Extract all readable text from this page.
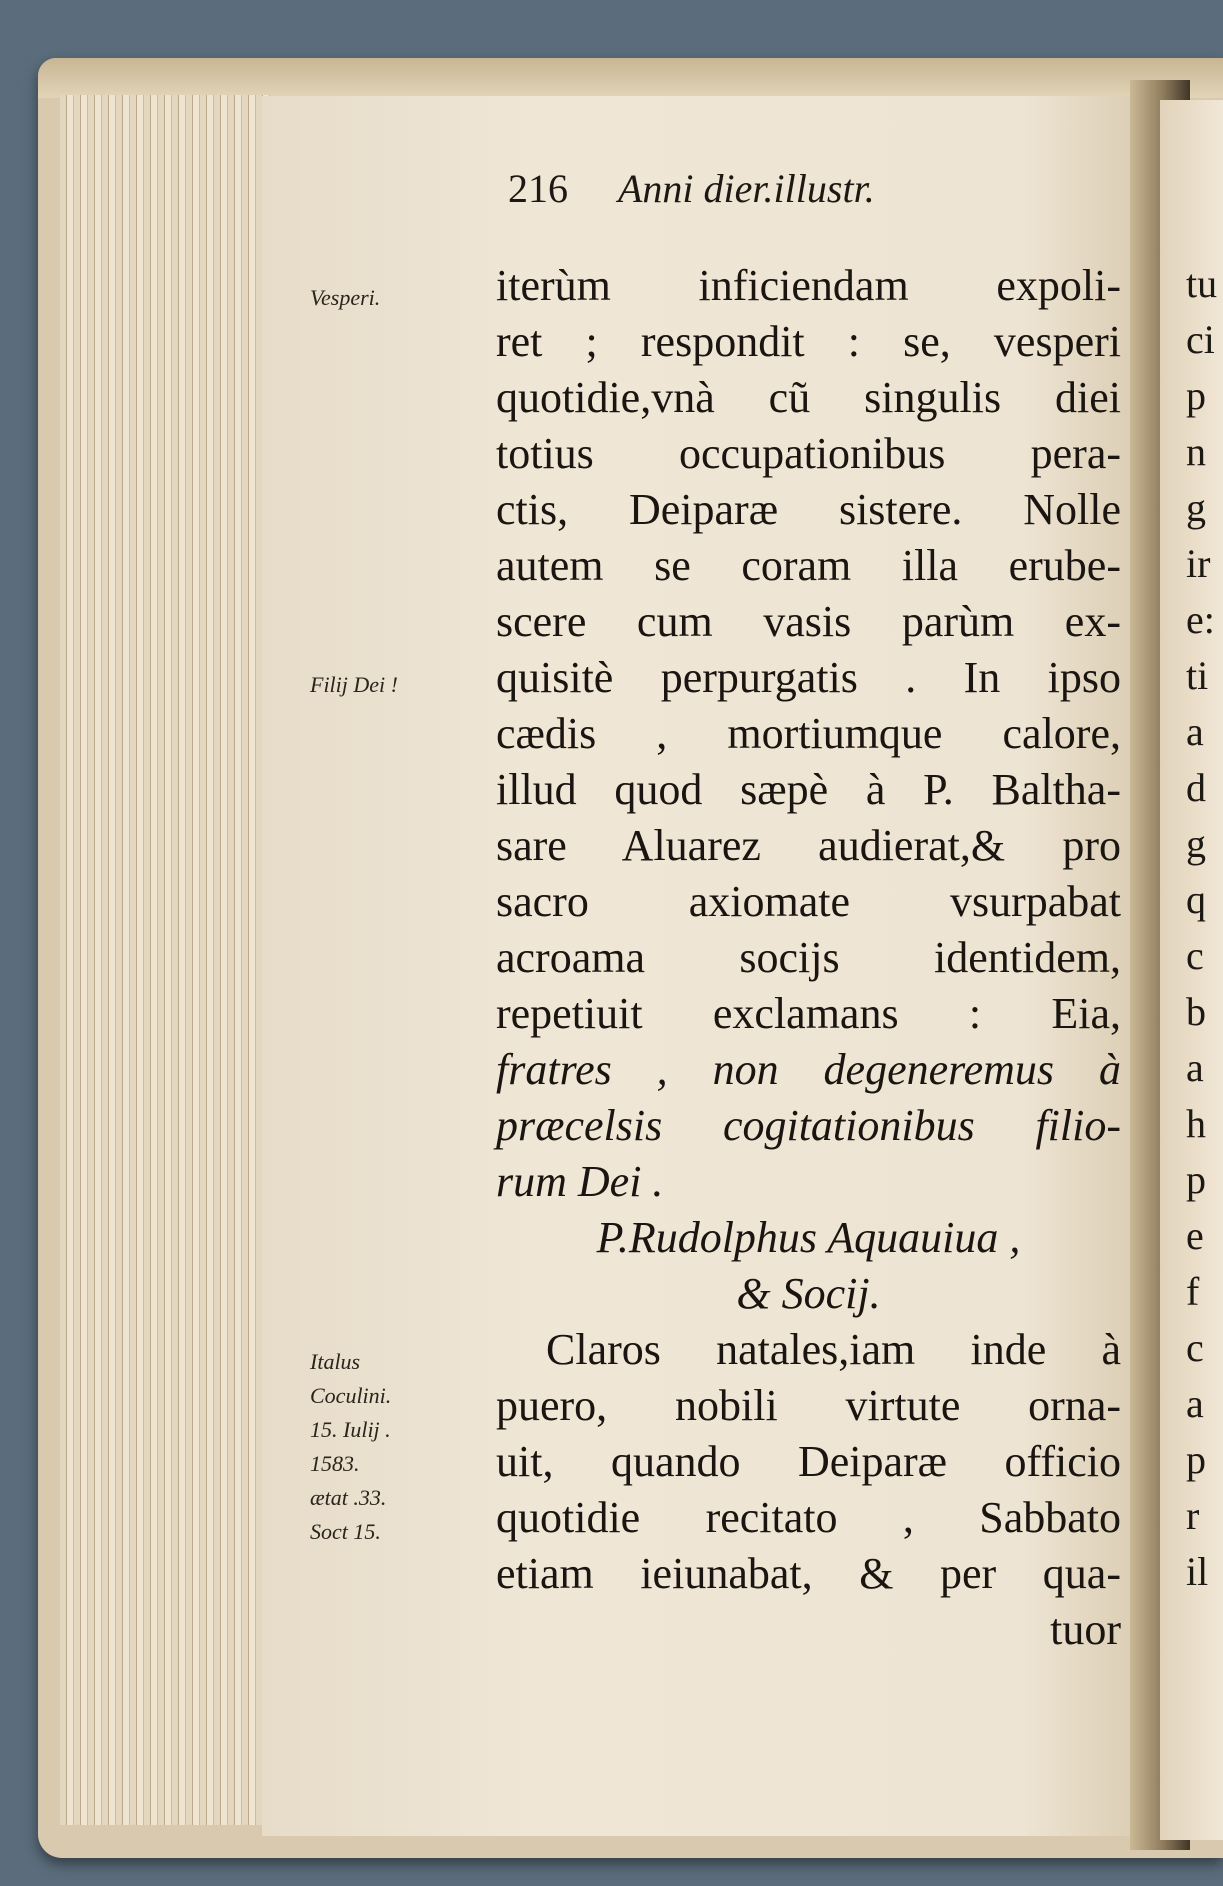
tu
ci
p
n
g
ir
e:
ti
a
d
g
q
c
b
a
h
p
e
f
c
a
p
r
il
216 Anni dier.illustr.
Vesperi.
Filij Dei !
Italus
Coculini.
15. Iulij .
1583.
ætat .33.
Soct 15.
iterùm inficiendam expoli-
ret ; respondit : se, vesperi
quotidie,vnà cũ singulis diei
totius occupationibus pera-
ctis, Deiparæ sistere. Nolle
autem se coram illa erube-
scere cum vasis parùm ex-
quisitè perpurgatis . In ipso
cædis , mortiumque calore,
illud quod sæpè à P. Baltha-
sare Aluarez audierat,& pro
sacro axiomate vsurpabat
acroama socijs identidem,
repetiuit exclamans : Eia,
fratres , non degeneremus à
præcelsis cogitationibus filio-
rum Dei .
P.Rudolphus Aquauiua ,
& Socij.
Claros natales,iam inde à
puero, nobili virtute orna-
uit, quando Deiparæ officio
quotidie recitato , Sabbato
etiam ieiunabat, & per qua-
tuor
